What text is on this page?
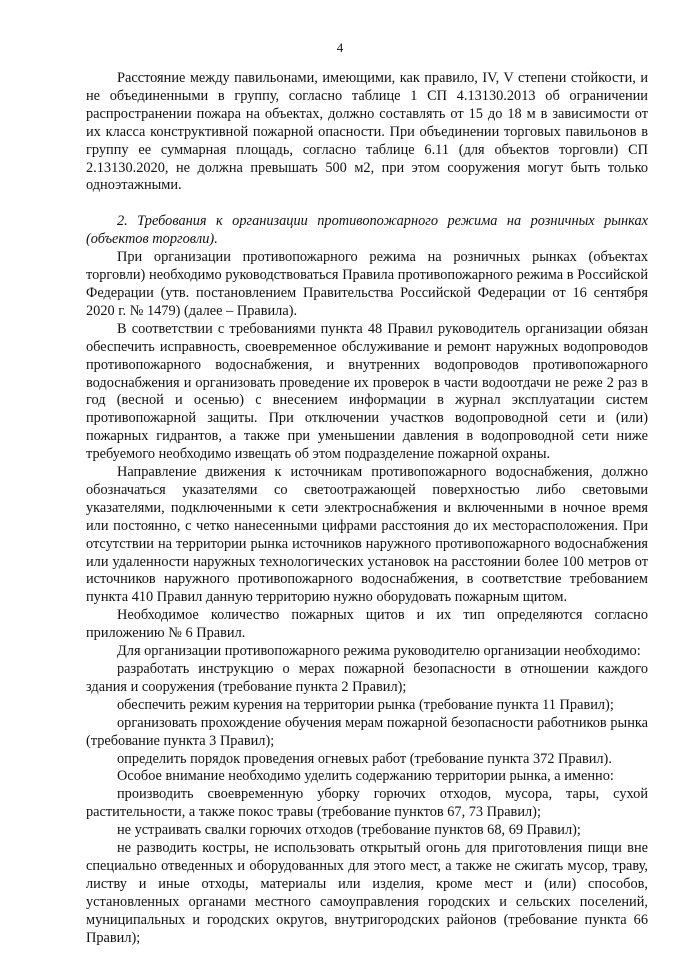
4

Расстояние между павильонами, имеющими, как правило, IV, V степени стойкости, и не объединенными в группу, согласно таблице 1 СП 4.13130.2013 об ограничении распространении пожара на объектах, должно составлять от 15 до 18 м в зависимости от их класса конструктивной пожарной опасности. При объединении торговых павильонов в группу ее суммарная площадь, согласно таблице 6.11 (для объектов торговли) СП 2.13130.2020, не должна превышать 500 м2, при этом сооружения могут быть только одноэтажными.

2. Требования к организации противопожарного режима на розничных рынках (объектов торговли).

При организации противопожарного режима на розничных рынках (объектах торговли) необходимо руководствоваться Правила противопожарного режима в Российской Федерации (утв. постановлением Правительства Российской Федерации от 16 сентября 2020 г. № 1479) (далее – Правила).

В соответствии с требованиями пункта 48 Правил руководитель организации обязан обеспечить исправность, своевременное обслуживание и ремонт наружных водопроводов противопожарного водоснабжения, и внутренних водопроводов противопожарного водоснабжения и организовать проведение их проверок в части водоотдачи не реже 2 раз в год (весной и осенью) с внесением информации в журнал эксплуатации систем противопожарной защиты. При отключении участков водопроводной сети и (или) пожарных гидрантов, а также при уменьшении давления в водопроводной сети ниже требуемого необходимо извещать об этом подразделение пожарной охраны.

Направление движения к источникам противопожарного водоснабжения, должно обозначаться указателями со светоотражающей поверхностью либо световыми указателями, подключенными к сети электроснабжения и включенными в ночное время или постоянно, с четко нанесенными цифрами расстояния до их месторасположения. При отсутствии на территории рынка источников наружного противопожарного водоснабжения или удаленности наружных технологических установок на расстоянии более 100 метров от источников наружного противопожарного водоснабжения, в соответствие требованием пункта 410 Правил данную территорию нужно оборудовать пожарным щитом.

Необходимое количество пожарных щитов и их тип определяются согласно приложению № 6 Правил.

Для организации противопожарного режима руководителю организации необходимо:

разработать инструкцию о мерах пожарной безопасности в отношении каждого здания и сооружения (требование пункта 2 Правил);

обеспечить режим курения на территории рынка (требование пункта 11 Правил);

организовать прохождение обучения мерам пожарной безопасности работников рынка (требование пункта 3 Правил);

определить порядок проведения огневых работ (требование пункта 372 Правил).

Особое внимание необходимо уделить содержанию территории рынка, а именно:

производить своевременную уборку горючих отходов, мусора, тары, сухой растительности, а также покос травы (требование пунктов 67, 73 Правил);

не устраивать свалки горючих отходов (требование пунктов 68, 69 Правил);

не разводить костры, не использовать открытый огонь для приготовления пищи вне специально отведенных и оборудованных для этого мест, а также не сжигать мусор, траву, листву и иные отходы, материалы или изделия, кроме мест и (или) способов, установленных органами местного самоуправления городских и сельских поселений, муниципальных и городских округов, внутригородских районов (требование пункта 66 Правил);
